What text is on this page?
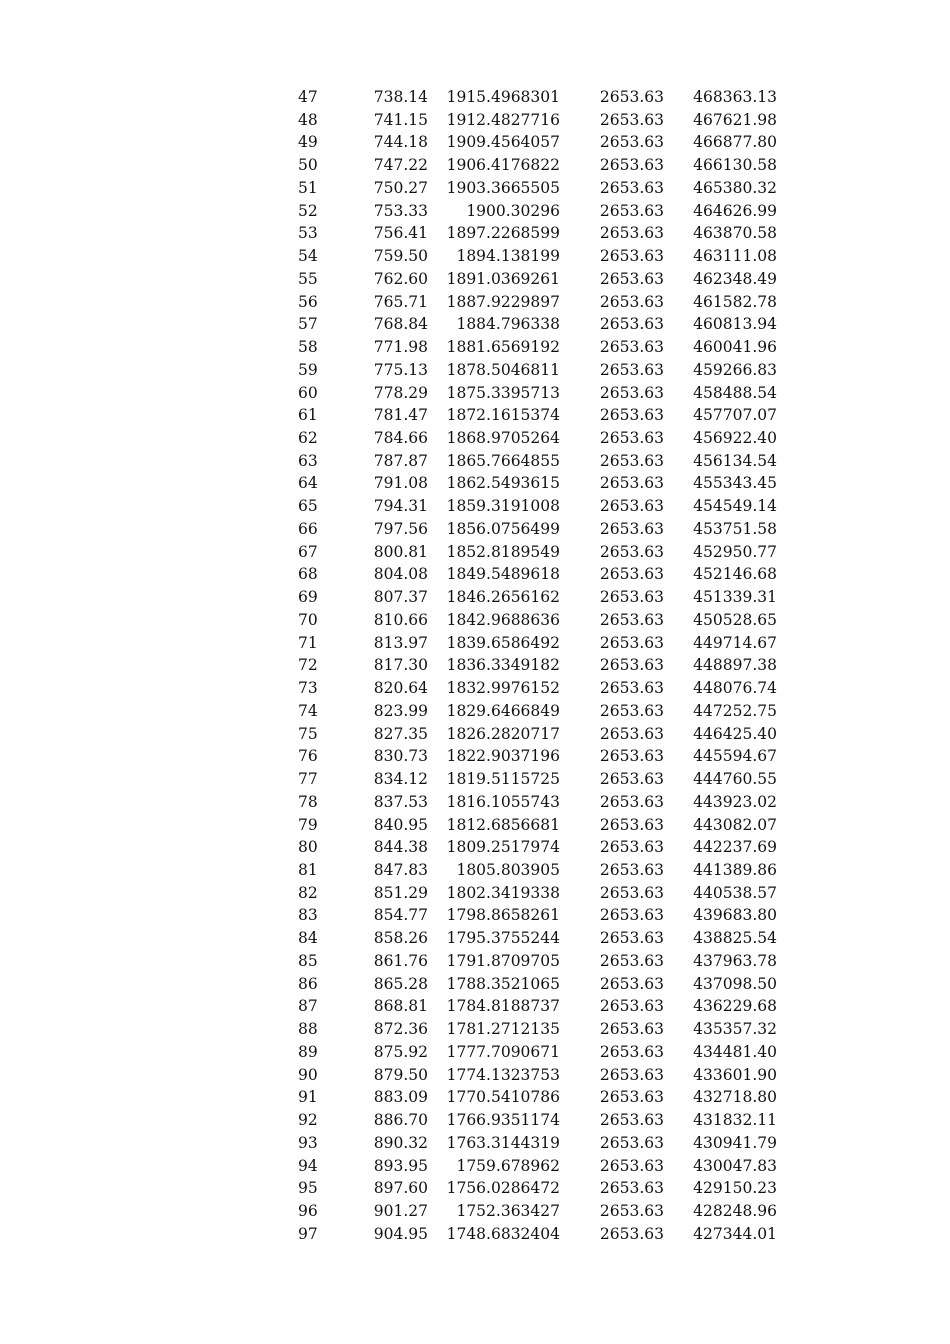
47	738.14	1915.4968301	2653.63	468363.13
48	741.15	1912.4827716	2653.63	467621.98
49	744.18	1909.4564057	2653.63	466877.80
50	747.22	1906.4176822	2653.63	466130.58
51	750.27	1903.3665505	2653.63	465380.32
52	753.33	1900.30296	2653.63	464626.99
53	756.41	1897.2268599	2653.63	463870.58
54	759.50	1894.138199	2653.63	463111.08
55	762.60	1891.0369261	2653.63	462348.49
56	765.71	1887.9229897	2653.63	461582.78
57	768.84	1884.796338	2653.63	460813.94
58	771.98	1881.6569192	2653.63	460041.96
59	775.13	1878.5046811	2653.63	459266.83
60	778.29	1875.3395713	2653.63	458488.54
61	781.47	1872.1615374	2653.63	457707.07
62	784.66	1868.9705264	2653.63	456922.40
63	787.87	1865.7664855	2653.63	456134.54
64	791.08	1862.5493615	2653.63	455343.45
65	794.31	1859.3191008	2653.63	454549.14
66	797.56	1856.0756499	2653.63	453751.58
67	800.81	1852.8189549	2653.63	452950.77
68	804.08	1849.5489618	2653.63	452146.68
69	807.37	1846.2656162	2653.63	451339.31
70	810.66	1842.9688636	2653.63	450528.65
71	813.97	1839.6586492	2653.63	449714.67
72	817.30	1836.3349182	2653.63	448897.38
73	820.64	1832.9976152	2653.63	448076.74
74	823.99	1829.6466849	2653.63	447252.75
75	827.35	1826.2820717	2653.63	446425.40
76	830.73	1822.9037196	2653.63	445594.67
77	834.12	1819.5115725	2653.63	444760.55
78	837.53	1816.1055743	2653.63	443923.02
79	840.95	1812.6856681	2653.63	443082.07
80	844.38	1809.2517974	2653.63	442237.69
81	847.83	1805.803905	2653.63	441389.86
82	851.29	1802.3419338	2653.63	440538.57
83	854.77	1798.8658261	2653.63	439683.80
84	858.26	1795.3755244	2653.63	438825.54
85	861.76	1791.8709705	2653.63	437963.78
86	865.28	1788.3521065	2653.63	437098.50
87	868.81	1784.8188737	2653.63	436229.68
88	872.36	1781.2712135	2653.63	435357.32
89	875.92	1777.7090671	2653.63	434481.40
90	879.50	1774.1323753	2653.63	433601.90
91	883.09	1770.5410786	2653.63	432718.80
92	886.70	1766.9351174	2653.63	431832.11
93	890.32	1763.3144319	2653.63	430941.79
94	893.95	1759.678962	2653.63	430047.83
95	897.60	1756.0286472	2653.63	429150.23
96	901.27	1752.363427	2653.63	428248.96
97	904.95	1748.6832404	2653.63	427344.01
